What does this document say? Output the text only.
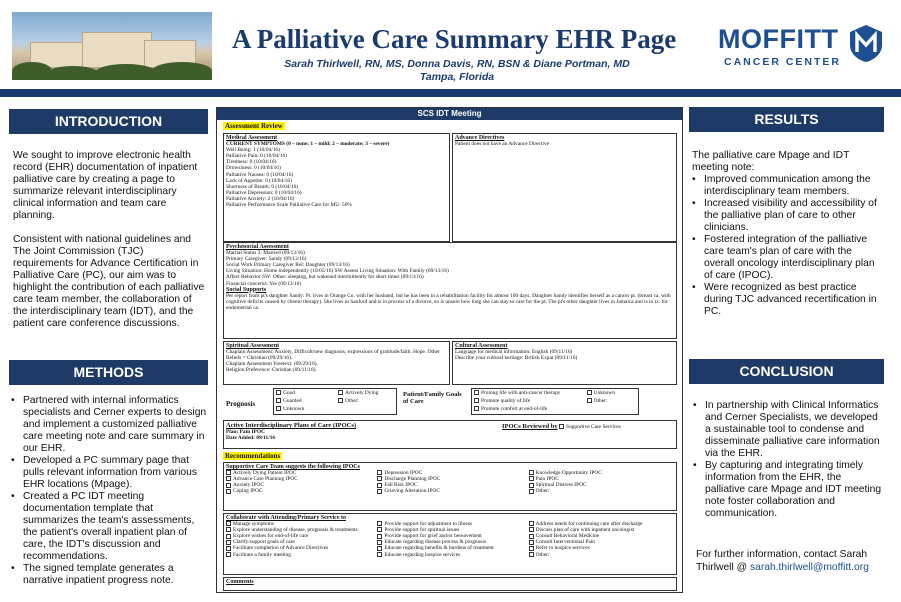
A Palliative Care Summary EHR Page
Sarah Thirlwell, RN, MS, Donna Davis, RN, BSN & Diane Portman, MD
Tampa, Florida
MOFFITT
CANCER CENTER
INTRODUCTION

We sought to improve electronic health record (EHR) documentation of inpatient palliative care by creating a page to summarize relevant interdisciplinary clinical information and team care planning.

Consistent with national guidelines and The Joint Commission (TJC) requirements for Advance Certification in Palliative Care (PC), our aim was to highlight the contribution of each palliative care team member, the collaboration of the interdisciplinary team (IDT), and the patient care conference discussions.

METHODS
• Partnered with internal informatics specialists and Cerner experts to design and implement a customized palliative care meeting note and care summary in our EHR.
• Developed a PC summary page that pulls relevant information from various EHR locations (Mpage).
• Created a PC IDT meeting documentation template that summarizes the team's assessments, the patient's overall inpatient plan of care, the IDT's discussion and recommendations.
• The signed template generates a narrative inpatient progress note.
RESULTS
The palliative care Mpage and IDT meeting note:
• Improved communication among the interdisciplinary team members.
• Increased visibility and accessibility of the palliative plan of care to other clinicians.
• Fostered integration of the palliative care team's plan of care with the overall oncology interdisciplinary plan of care (IPOC).
• Were recognized as best practice during TJC advanced recertification in PC.
CONCLUSION
• In partnership with Clinical Informatics and Cerner Specialists, we developed a sustainable tool to condense and disseminate palliative care information via the EHR.
• By capturing and integrating timely information from the EHR, the palliative care Mpage and IDT meeting note foster collaboration and communication.
For further information, contact Sarah Thirlwell @ sarah.thirlwell@moffitt.org
SCS IDT Meeting
Assessment Review
Medical Assessment
CURRENT SYMPTOMS (0 – none; 1 – mild; 2 – moderate; 3 – severe)
Well Being: 1 (10/04/16)
Palliative Pain: 0 (10/04/16)
Tiredness: 0 (10/04/16)
Drowsiness: 0 (10/04/16)
Palliative Nausea: 0 (10/04/16)
Lack of Appetite: 0 (10/04/16)
Shortness of Breath: 0 (10/04/16)
Palliative Depression: 0 (10/04/16)
Palliative Anxiety: 2 (10/04/16)
Palliative Performance Scale Palliative Care for MU: 50%
Advance Directives
Patient does not have an Advance Directive
Psychosocial Assessment
Marital Status 2: Married (09/13/16)
Primary Caregiver: Sandy (09/13/16)
Social Work Primary Caregiver Rel: Daughter (09/13/16)
Living Situation: Home independently (10/05/16) SW Assess Living Situation: With Family (09/13/16)
Affect Behavior SW: Other: sleeping, but wakened intermittently for short times (09/13/16)
Financial concerns: Yes (09/13/16)
Social Supports
Per report from pt's daughter Sandy: Pt. lives in Orange Co. with her husband, but he has been in a rehabilitation facility for almost 100 days. Daughter Sandy identifies herself as a cancer pt. (breast ca. with cognitive deficits caused by chemo therapy). She lives in Sanford and is in process of a divorce, so is unsure how long she can stay to care for the pt. The pt's other daughter lives in Jamaica and is in tx. for endometrial ca.
Spiritual Assessment
Chaplain Assessment: Anxiety, Difficult/new diagnosis, expressions of gratitude/faith. Hope. Other Beliefs = Christian (09/29/16).
Chaplain Assessment Freetext: (09/29/16).
Religion Preference: Christian (09/11/16).
Cultural Assessment
Language for medical information: English (09/11/16)
Describe your cultural heritage: British Expat (09/11/16)
Prognosis
Good	Actively Dying
Guarded	Other:
Unknown
Patient/Family Goals of Care
Prolong life with anti-cancer therapy	Unknown
Promote quality of life	Other:
Promote comfort at end-of-life
Active Interdisciplinary Plans of Care (IPOCs)
Plan: Pain IPOC
Date Added: 09/11/16
IPOCs Reviewed by Supportive Care Services
Recommendations
Supportive Care Team suggests the following IPOCs
Actively Dying Patient IPOC	Depression IPOC	Knowledge Opportunity IPOC
Advance Care Planning IPOC	Discharge Planning IPOC	Pain IPOC
Anxiety IPOC	Fall Risk IPOC	Spiritual Distress IPOC
Coping IPOC	Grieving Alteration IPOC	Other:
Collaborate with Attending/Primary Service to
Manage symptoms	Provide support for adjustment to illness	Address needs for continuing care after discharge
Explore understanding of disease, prognosis & treatments	Provide support for spiritual issues	Discuss plan of care with inpatient oncologist
Explore wishes for end-of-life care	Provide support for grief and/or bereavement	Consult Behavioral Medicine
Clarify/support goals of care	Educate regarding disease process & prognosis	Consult Interventional Pain
Facilitate completion of Advance Directives	Educate regarding benefits & burdens of treatment	Refer to hospice services
Facilitate a family meeting	Educate regarding hospice services	Other:
Comments
